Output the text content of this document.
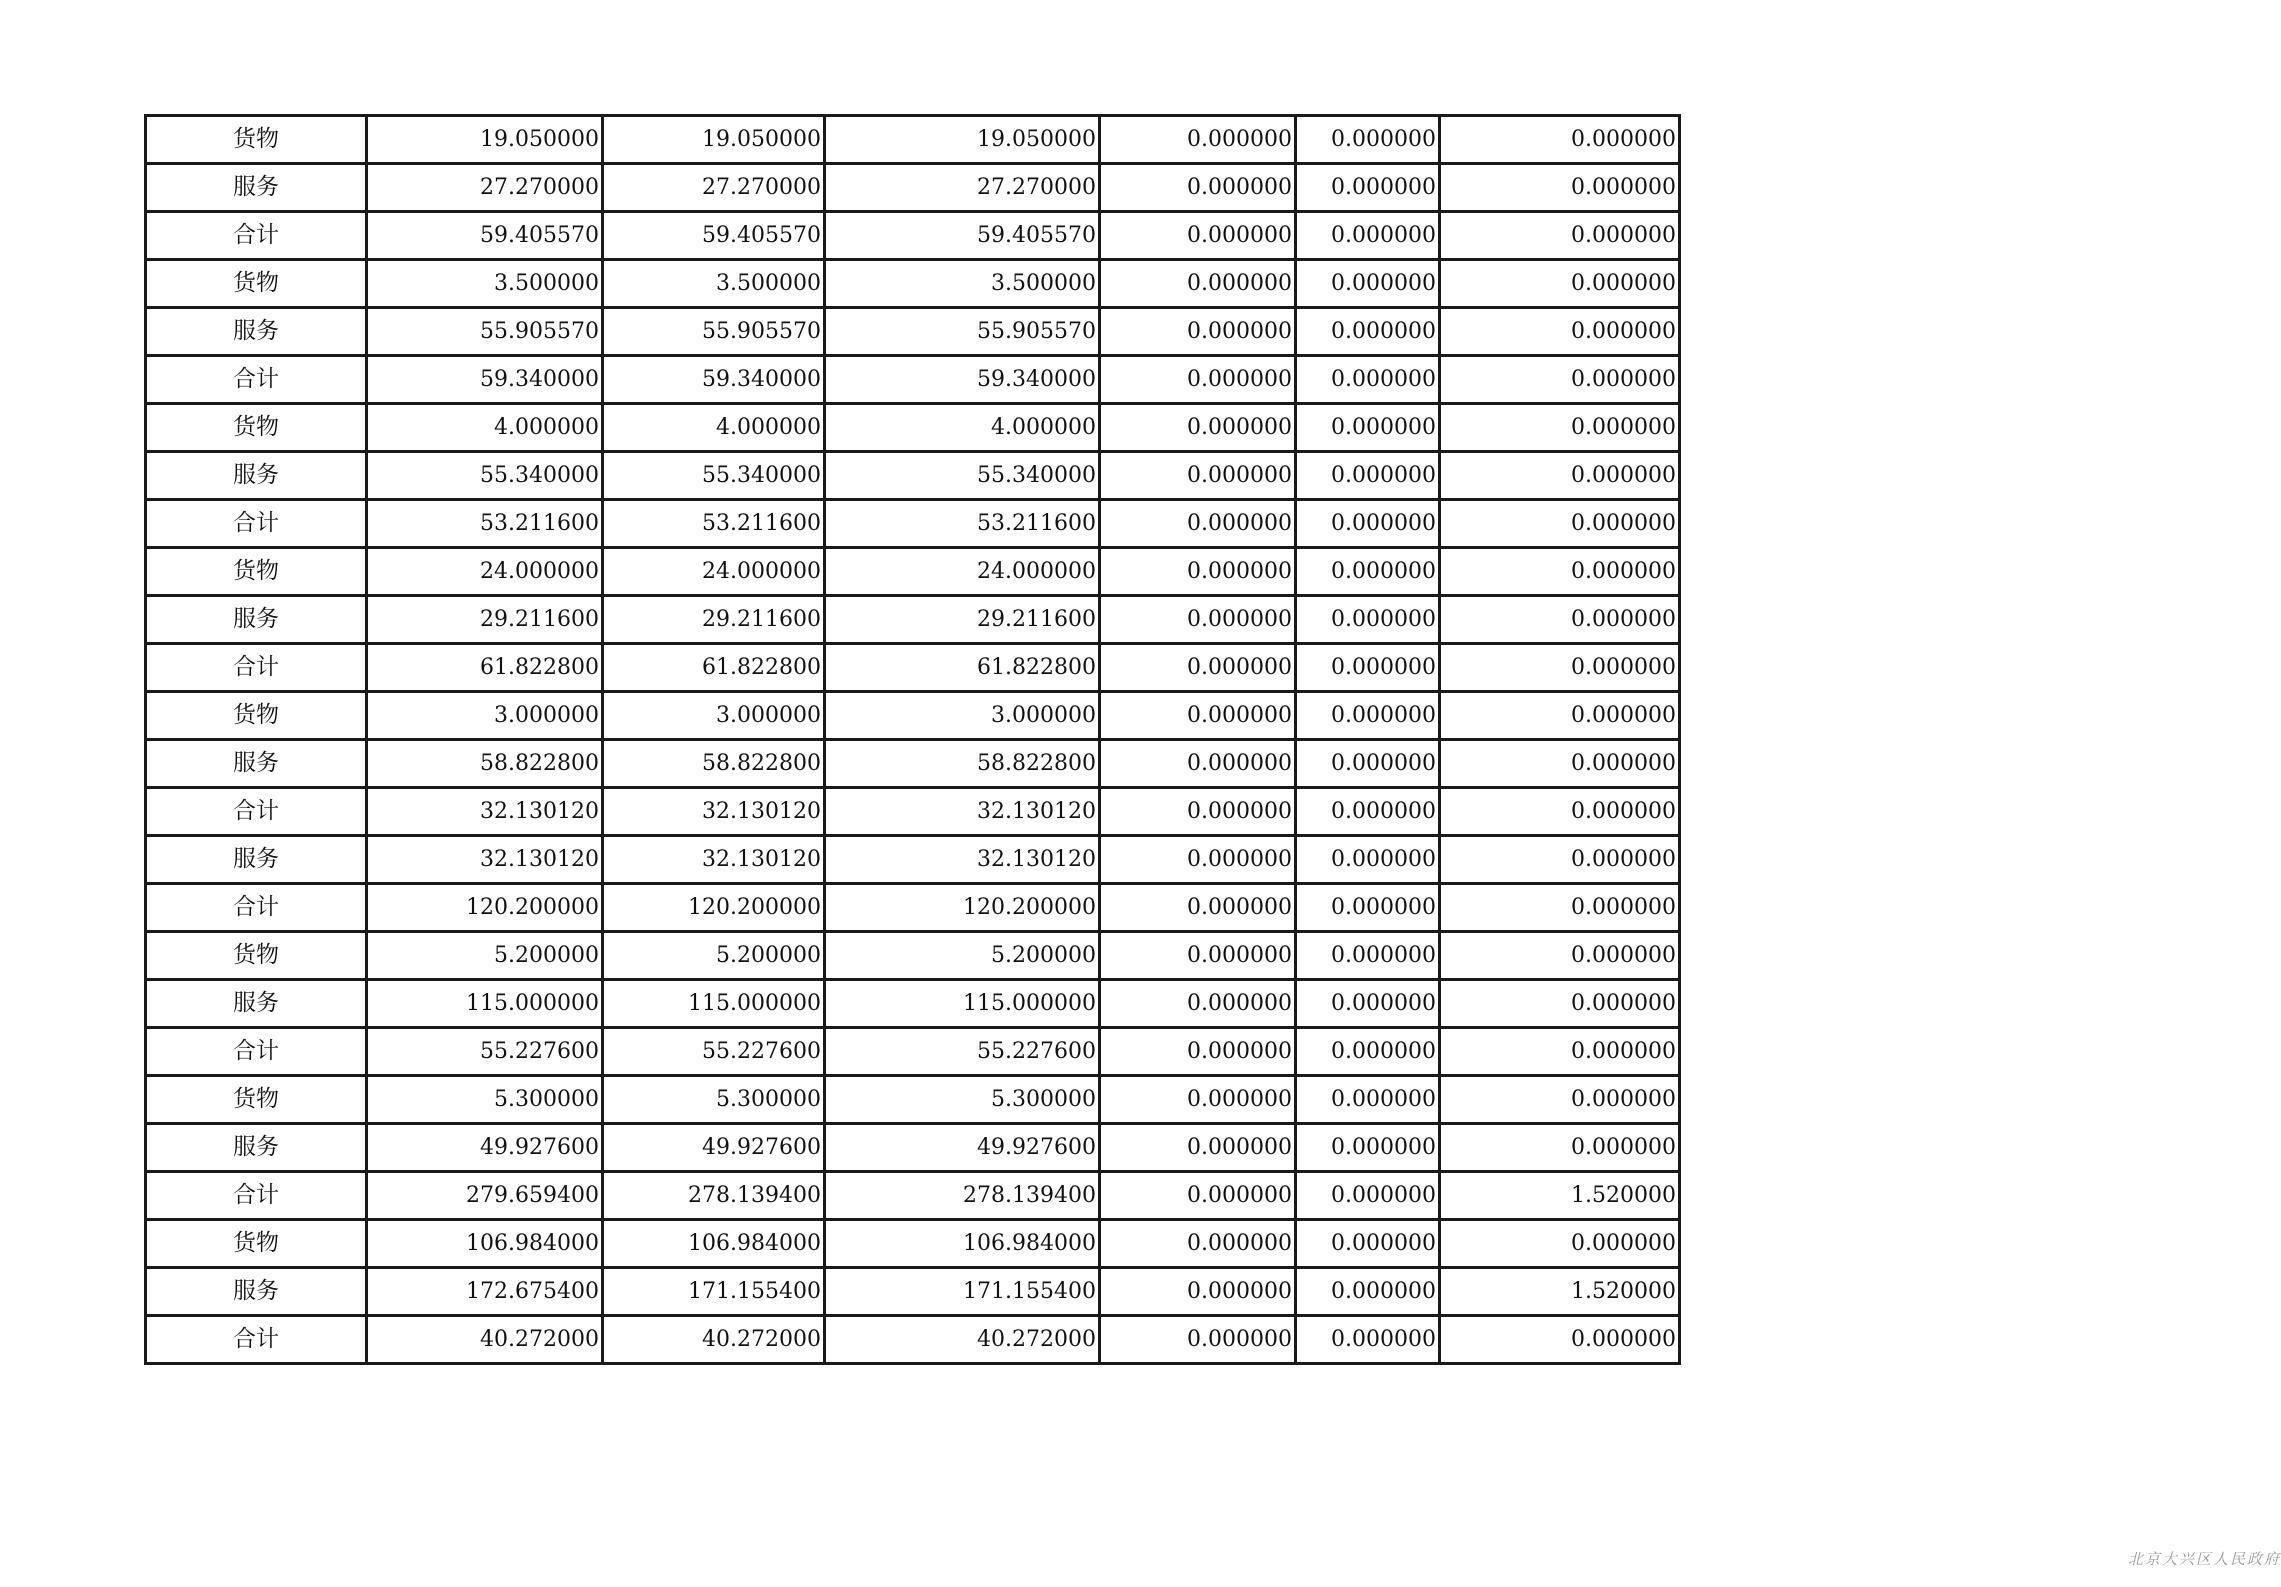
货物	19.050000	19.050000	19.050000	0.000000	0.000000	0.000000
服务	27.270000	27.270000	27.270000	0.000000	0.000000	0.000000
合计	59.405570	59.405570	59.405570	0.000000	0.000000	0.000000
货物	3.500000	3.500000	3.500000	0.000000	0.000000	0.000000
服务	55.905570	55.905570	55.905570	0.000000	0.000000	0.000000
合计	59.340000	59.340000	59.340000	0.000000	0.000000	0.000000
货物	4.000000	4.000000	4.000000	0.000000	0.000000	0.000000
服务	55.340000	55.340000	55.340000	0.000000	0.000000	0.000000
合计	53.211600	53.211600	53.211600	0.000000	0.000000	0.000000
货物	24.000000	24.000000	24.000000	0.000000	0.000000	0.000000
服务	29.211600	29.211600	29.211600	0.000000	0.000000	0.000000
合计	61.822800	61.822800	61.822800	0.000000	0.000000	0.000000
货物	3.000000	3.000000	3.000000	0.000000	0.000000	0.000000
服务	58.822800	58.822800	58.822800	0.000000	0.000000	0.000000
合计	32.130120	32.130120	32.130120	0.000000	0.000000	0.000000
服务	32.130120	32.130120	32.130120	0.000000	0.000000	0.000000
合计	120.200000	120.200000	120.200000	0.000000	0.000000	0.000000
货物	5.200000	5.200000	5.200000	0.000000	0.000000	0.000000
服务	115.000000	115.000000	115.000000	0.000000	0.000000	0.000000
合计	55.227600	55.227600	55.227600	0.000000	0.000000	0.000000
货物	5.300000	5.300000	5.300000	0.000000	0.000000	0.000000
服务	49.927600	49.927600	49.927600	0.000000	0.000000	0.000000
合计	279.659400	278.139400	278.139400	0.000000	0.000000	1.520000
货物	106.984000	106.984000	106.984000	0.000000	0.000000	0.000000
服务	172.675400	171.155400	171.155400	0.000000	0.000000	1.520000
合计	40.272000	40.272000	40.272000	0.000000	0.000000	0.000000
北京大兴区人民政府
